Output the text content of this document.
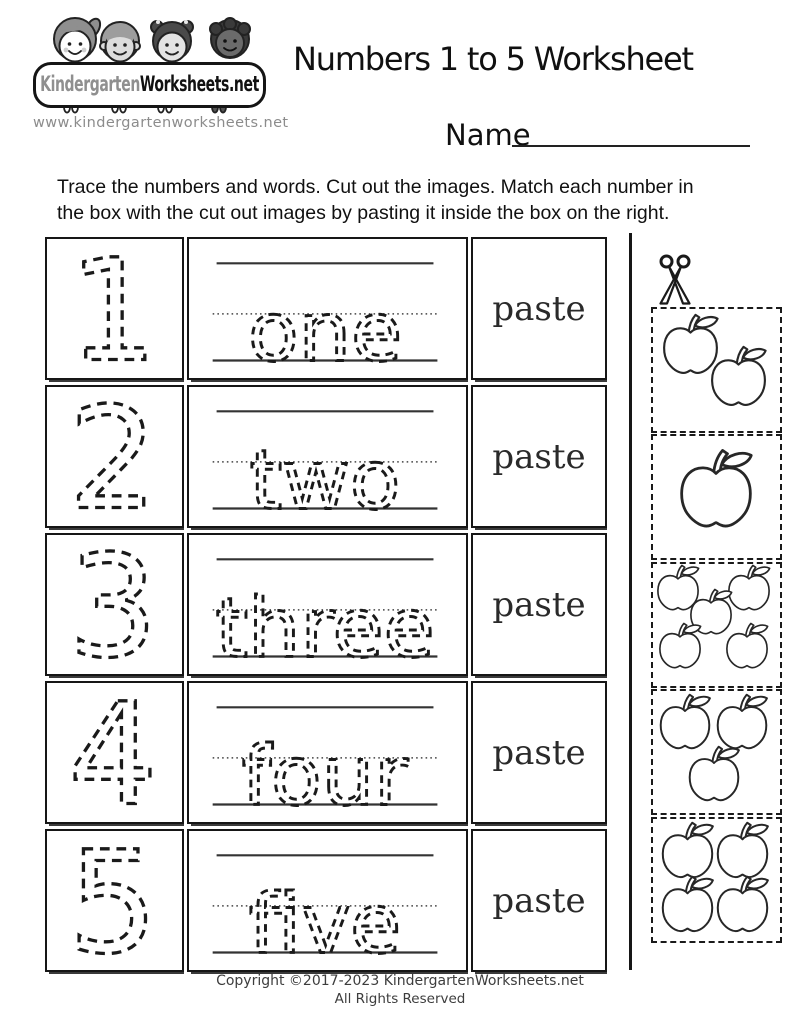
KindergartenWorksheets.net
www.kindergartenworksheets.net
Numbers 1 to 5 Worksheet
Name
Trace the numbers and words. Cut out the images. Match each number in
the box with the cut out images by pasting it inside the box on the right.
1 one	paste
2 two	paste
3 three paste
4 four paste
5 five	paste
Copyright ©2017-2023 KindergartenWorksheets.net
All Rights Reserved
